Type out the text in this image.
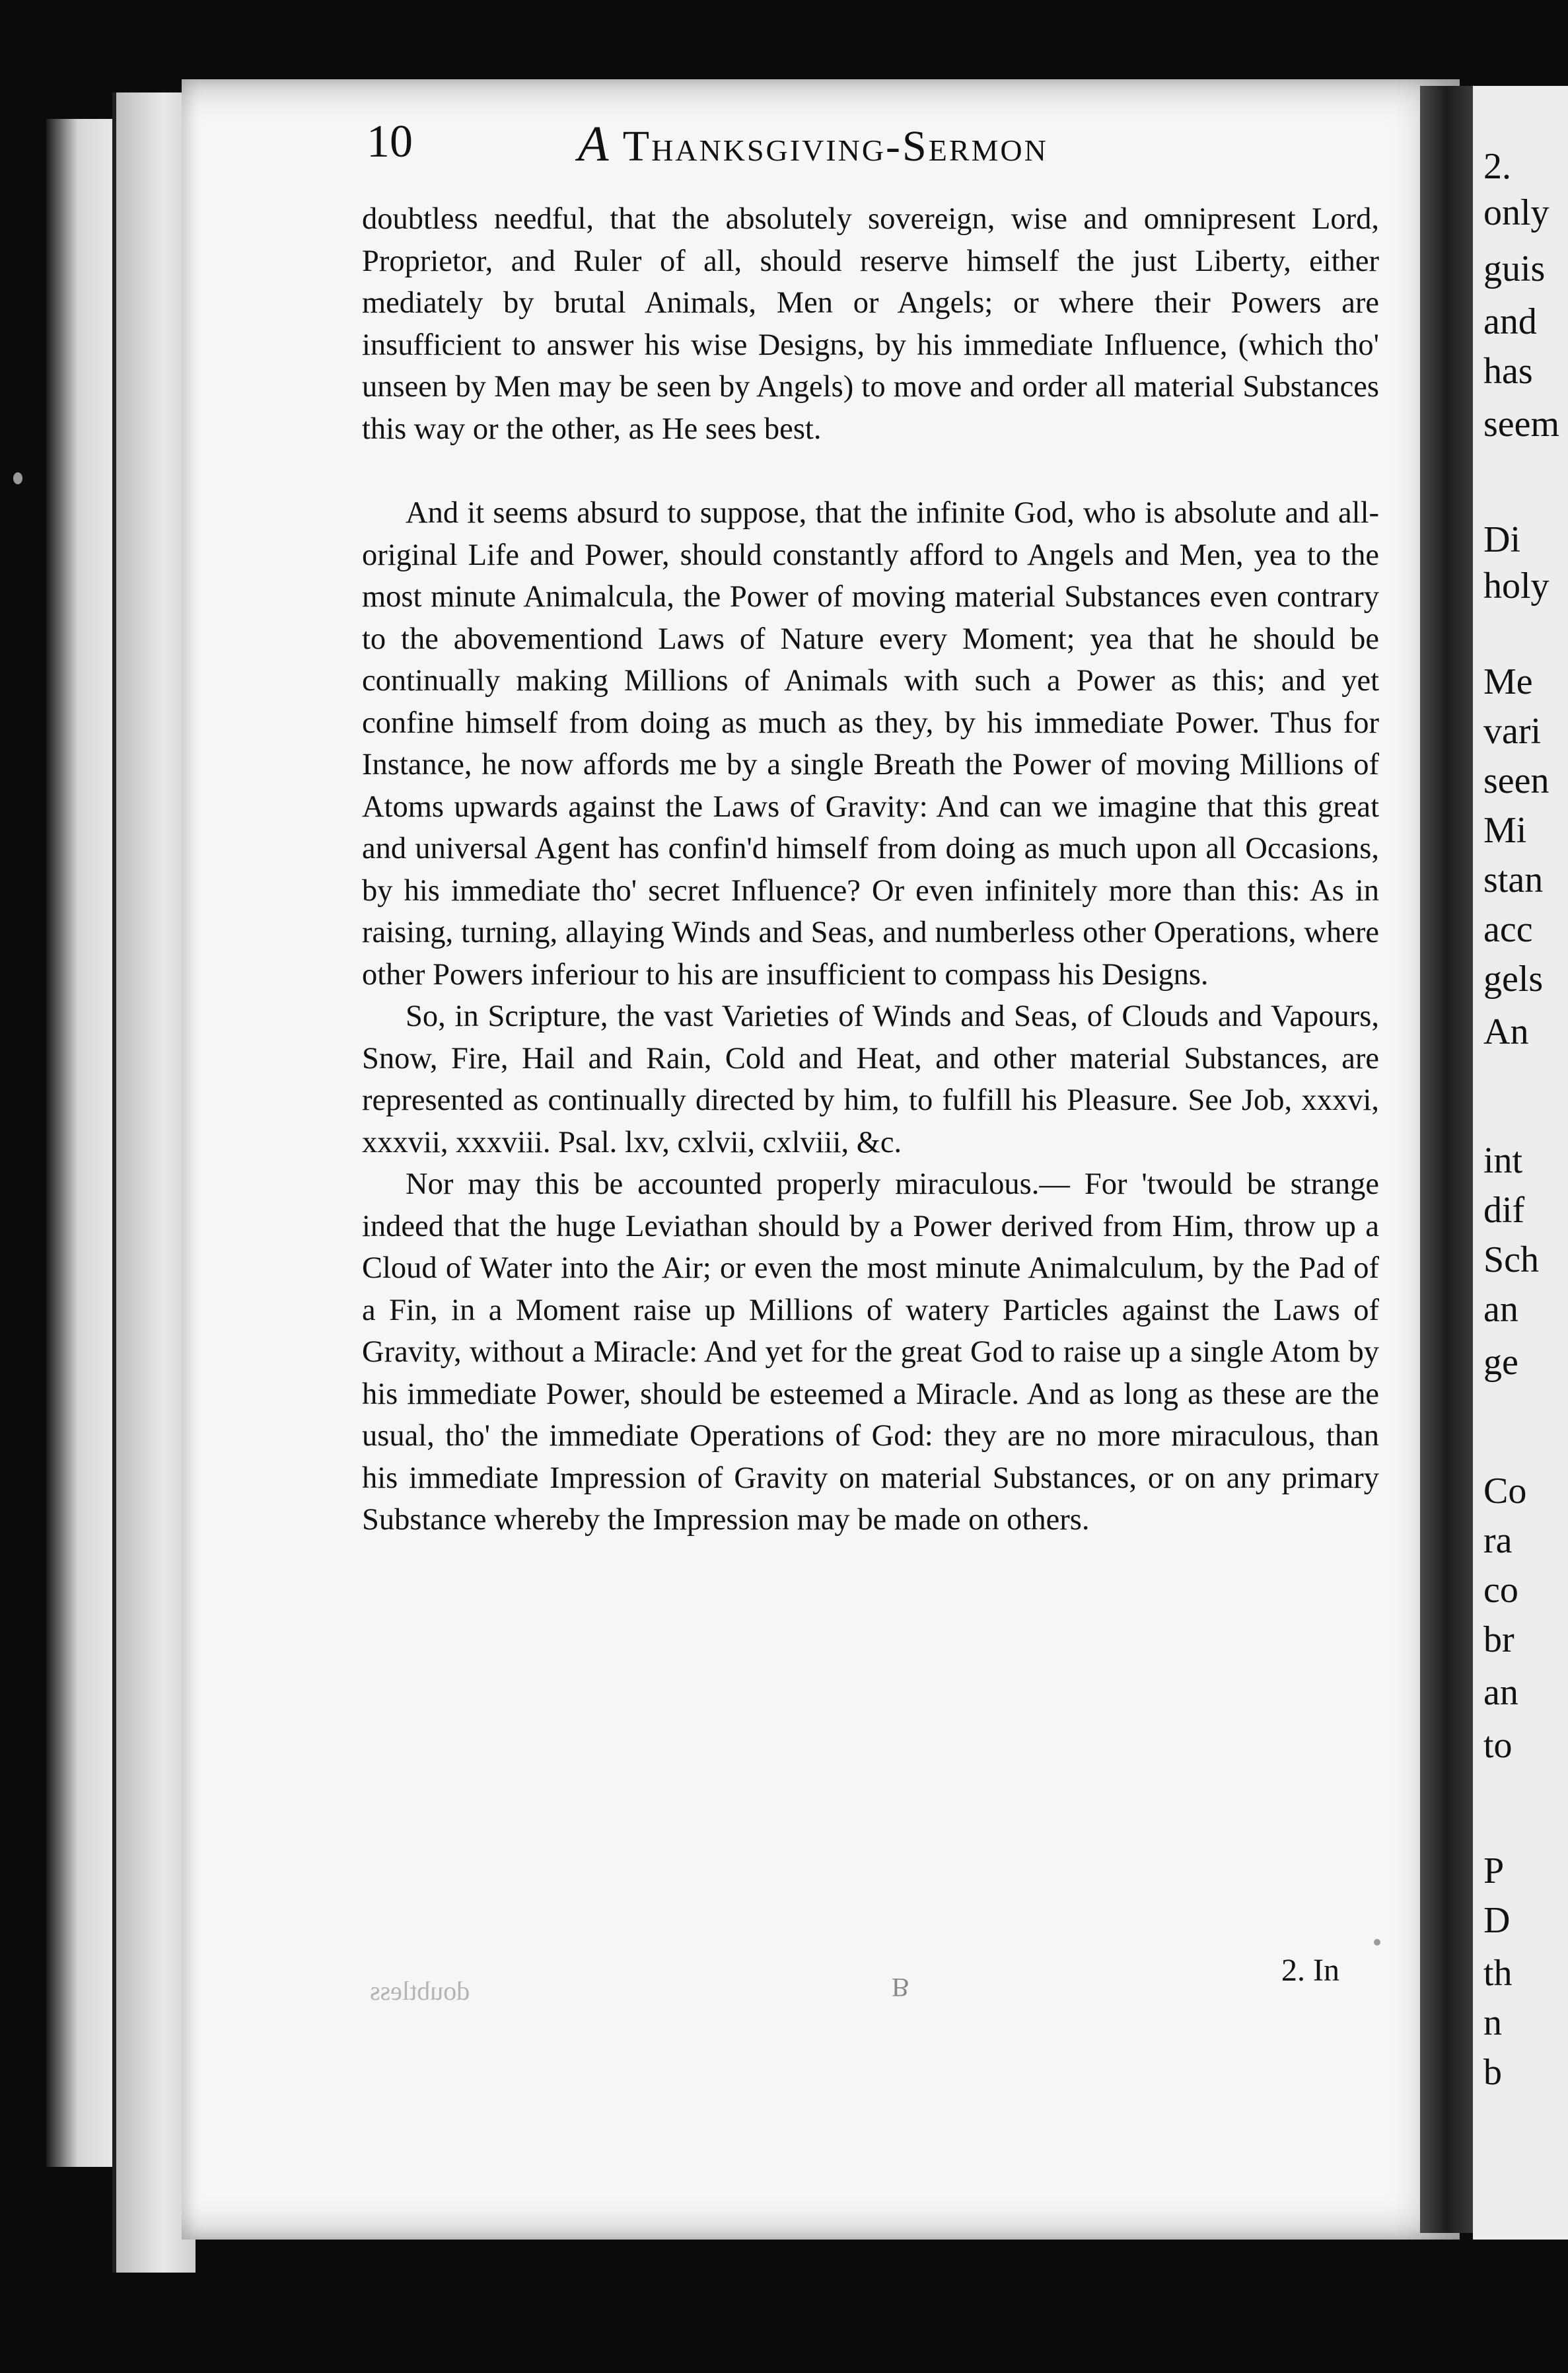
2.
only
guis
and
has
seem
Di
holy
Me
vari
seen
Mi
stan
acc
gels
An
int
dif
Sch
an
ge
Co
ra
co
br
an
to
P
D
th
n
b
10	A Thanksgiving-Sermon

doubtless needful, that the absolutely sovereign, wise and omnipresent Lord, Proprietor, and Ruler of all, should reserve himself the just Liberty, either mediately by brutal Animals, Men or Angels; or where their Powers are insufficient to answer his wise Designs, by his immediate Influence, (which tho' unseen by Men may be seen by Angels) to move and order all material Substances this way or the other, as He sees best.

And it seems absurd to suppose, that the infinite God, who is absolute and all-original Life and Power, should constantly afford to Angels and Men, yea to the most minute Animalcula, the Power of moving material Substances even contrary to the abovementiond Laws of Nature every Moment; yea that he should be continually making Millions of Animals with such a Power as this; and yet confine himself from doing as much as they, by his immediate Power. Thus for Instance, he now affords me by a single Breath the Power of moving Millions of Atoms upwards against the Laws of Gravity: And can we imagine that this great and universal Agent has confin'd himself from doing as much upon all Occasions, by his immediate tho' secret Influence? Or even infinitely more than this: As in raising, turning, allaying Winds and Seas, and numberless other Operations, where other Powers inferiour to his are insufficient to compass his Designs.

So, in Scripture, the vast Varieties of Winds and Seas, of Clouds and Vapours, Snow, Fire, Hail and Rain, Cold and Heat, and other material Substances, are represented as continually directed by him, to fulfill his Pleasure. See Job, xxxvi, xxxvii, xxxviii. Psal. lxv, cxlvii, cxlviii, &c.

Nor may this be accounted properly miraculous.— For 'twould be strange indeed that the huge Leviathan should by a Power derived from Him, throw up a Cloud of Water into the Air; or even the most minute Animalculum, by the Pad of a Fin, in a Moment raise up Millions of watery Particles against the Laws of Gravity, without a Miracle: And yet for the great God to raise up a single Atom by his immediate Power, should be esteemed a Miracle. And as long as these are the usual, tho' the immediate Operations of God: they are no more miraculous, than his immediate Impression of Gravity on material Substances, or on any primary Substance whereby the Impression may be made on others.

doubtless	B	2. In
